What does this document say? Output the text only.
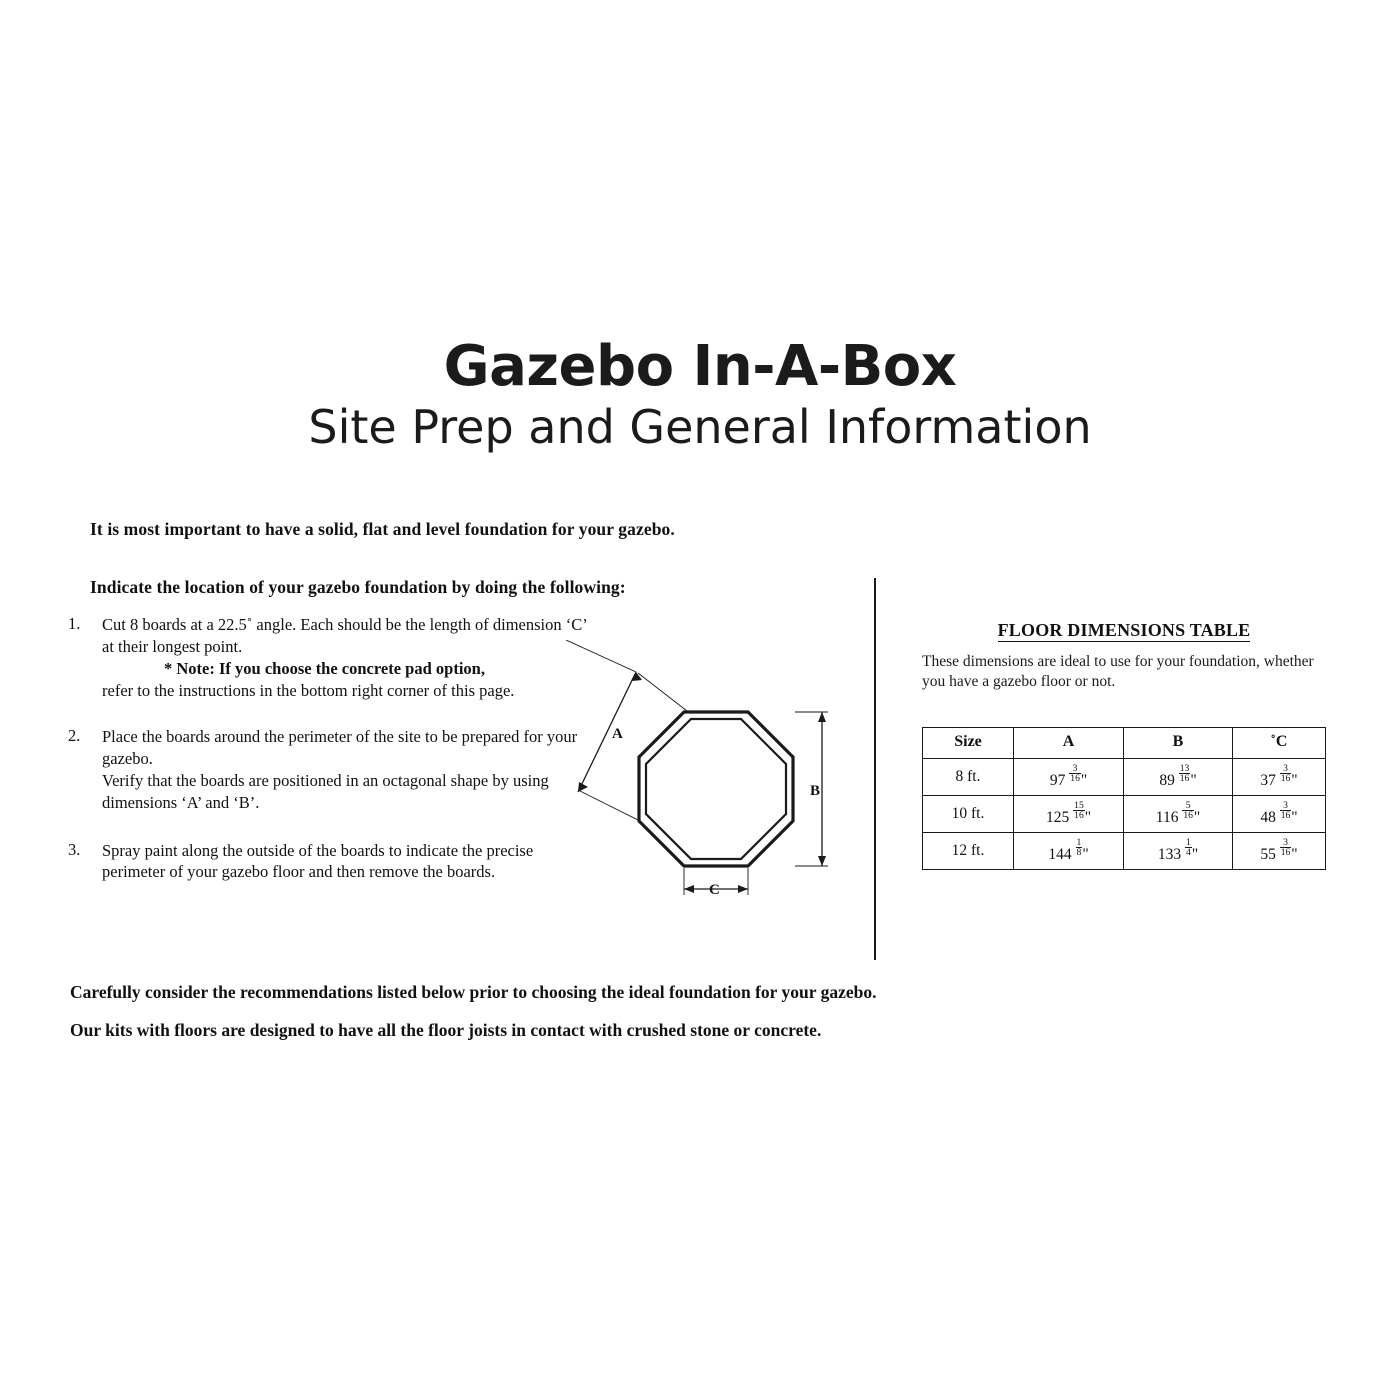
Gazebo In-A-Box
Site Prep and General Information
It is most important to have a solid, flat and level foundation for your gazebo.
Indicate the location of your gazebo foundation by doing the following:
1.	Cut 8 boards at a 22.5˚ angle. Each should be the length of dimension ‘C’ at their longest point.
* Note: If you choose the concrete pad option,
refer to the instructions in the bottom right corner of this page.
2.	Place the boards around the perimeter of the site to be prepared for your gazebo.
Verify that the boards are positioned in an octagonal shape by using dimensions ‘A’ and ‘B’.
3.	Spray paint along the outside of the boards to indicate the precise perimeter of your gazebo floor and then remove the boards.
A
B
C
FLOOR DIMENSIONS TABLE
These dimensions are ideal to use for your foundation, whether you have a gazebo floor or not.
Size	A	B	˚C
8 ft.	$97 \frac{3}{16}$ "	$89 \frac{13}{16}$ "	$37 \frac{3}{16}$ "
10 ft.	$125 \frac{15}{16}$ "	$116 \frac{5}{16}$ "	$48 \frac{3}{16}$ "
12 ft.	$144 \frac{1}{8}$ "	$133 \frac{1}{4}$ "	$55 \frac{3}{16}$ "
Carefully consider the recommendations listed below prior to choosing the ideal foundation for your gazebo.
Our kits with floors are designed to have all the floor joists in contact with crushed stone or concrete.
